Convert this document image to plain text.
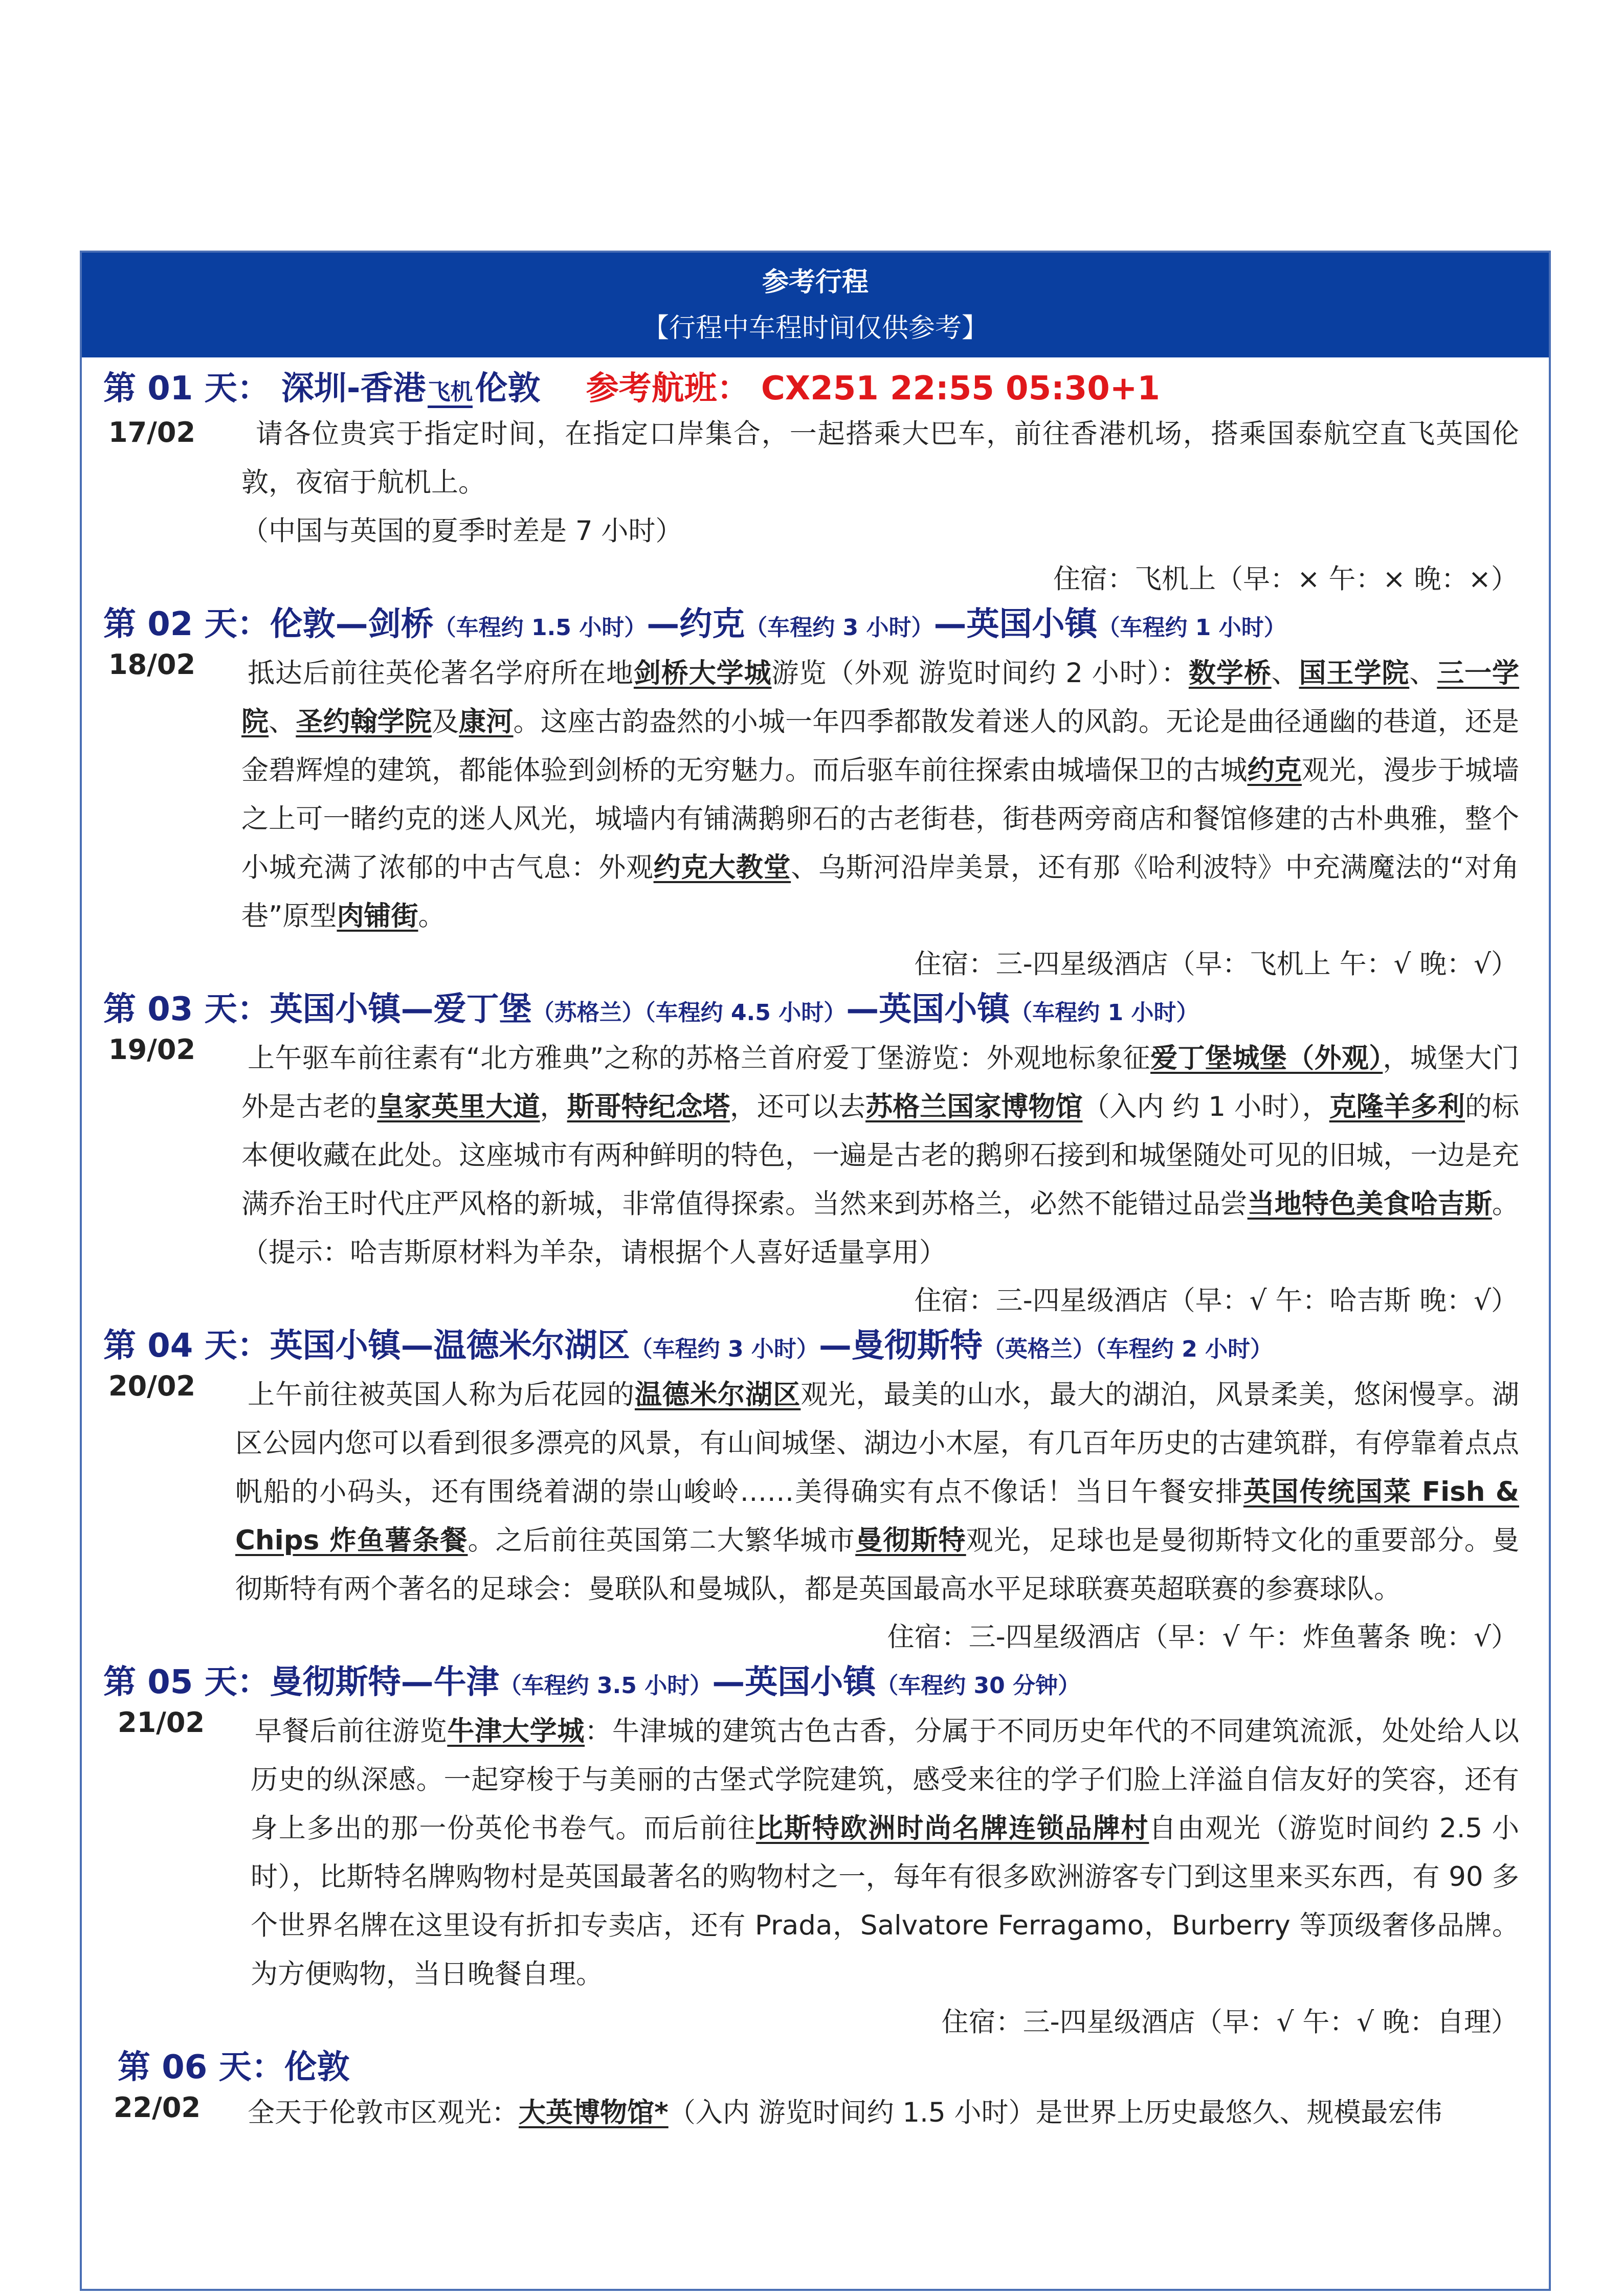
参考行程
【行程中车程时间仅供参考】
第 01 天： 深圳-香港飞机伦敦 参考航班： CX251 22:55 05:30+1
17/02	请各位贵宾于指定时间，在指定口岸集合，一起搭乘大巴车，前往香港机场，搭乘国泰航空直飞英国伦敦，夜宿于航机上。

（中国与英国的夏季时差是 7 小时）

住宿：飞机上（早：× 午：× 晚：×）
第 02 天：伦敦—剑桥（车程约 1.5 小时）—约克（车程约 3 小时）—英国小镇（车程约 1 小时）
18/02	抵达后前往英伦著名学府所在地剑桥大学城游览（外观 游览时间约 2 小时）：数学桥、国王学院、三一学院、圣约翰学院及康河。这座古韵盎然的小城一年四季都散发着迷人的风韵。无论是曲径通幽的巷道，还是金碧辉煌的建筑，都能体验到剑桥的无穷魅力。而后驱车前往探索由城墙保卫的古城约克观光，漫步于城墙之上可一睹约克的迷人风光，城墙内有铺满鹅卵石的古老街巷，街巷两旁商店和餐馆修建的古朴典雅，整个小城充满了浓郁的中古气息：外观约克大教堂、乌斯河沿岸美景，还有那《哈利波特》中充满魔法的“对角巷”原型肉铺街。

住宿：三-四星级酒店（早：飞机上 午：√ 晚：√）
第 03 天：英国小镇—爱丁堡（苏格兰）（车程约 4.5 小时）—英国小镇（车程约 1 小时）
19/02	上午驱车前往素有“北方雅典”之称的苏格兰首府爱丁堡游览：外观地标象征爱丁堡城堡（外观），城堡大门外是古老的皇家英里大道，斯哥特纪念塔，还可以去苏格兰国家博物馆（入内 约 1 小时），克隆羊多利的标本便收藏在此处。这座城市有两种鲜明的特色，一遍是古老的鹅卵石接到和城堡随处可见的旧城，一边是充满乔治王时代庄严风格的新城，非常值得探索。当然来到苏格兰，必然不能错过品尝当地特色美食哈吉斯。（提示：哈吉斯原材料为羊杂，请根据个人喜好适量享用）

住宿：三-四星级酒店（早：√ 午：哈吉斯 晚：√）
第 04 天：英国小镇—温德米尔湖区（车程约 3 小时）—曼彻斯特（英格兰）（车程约 2 小时）
20/02	上午前往被英国人称为后花园的温德米尔湖区观光，最美的山水，最大的湖泊，风景柔美，悠闲慢享。湖区公园内您可以看到很多漂亮的风景，有山间城堡、湖边小木屋，有几百年历史的古建筑群，有停靠着点点帆船的小码头，还有围绕着湖的崇山峻岭……美得确实有点不像话！当日午餐安排英国传统国菜 Fish & Chips 炸鱼薯条餐。之后前往英国第二大繁华城市曼彻斯特观光，足球也是曼彻斯特文化的重要部分。曼彻斯特有两个著名的足球会：曼联队和曼城队，都是英国最高水平足球联赛英超联赛的参赛球队。

住宿：三-四星级酒店（早：√ 午：炸鱼薯条 晚：√）
第 05 天：曼彻斯特—牛津（车程约 3.5 小时）—英国小镇（车程约 30 分钟）
21/02	早餐后前往游览牛津大学城：牛津城的建筑古色古香，分属于不同历史年代的不同建筑流派，处处给人以历史的纵深感。一起穿梭于与美丽的古堡式学院建筑，感受来往的学子们脸上洋溢自信友好的笑容，还有身上多出的那一份英伦书卷气。而后前往比斯特欧洲时尚名牌连锁品牌村自由观光（游览时间约 2.5 小时），比斯特名牌购物村是英国最著名的购物村之一，每年有很多欧洲游客专门到这里来买东西，有 90 多个世界名牌在这里设有折扣专卖店，还有 Prada，Salvatore Ferragamo，Burberry 等顶级奢侈品牌。为方便购物，当日晚餐自理。

住宿：三-四星级酒店（早：√ 午：√ 晚：自理）
第 06 天：伦敦
22/02	全天于伦敦市区观光：大英博物馆*（入内 游览时间约 1.5 小时）是世界上历史最悠久、规模最宏伟
